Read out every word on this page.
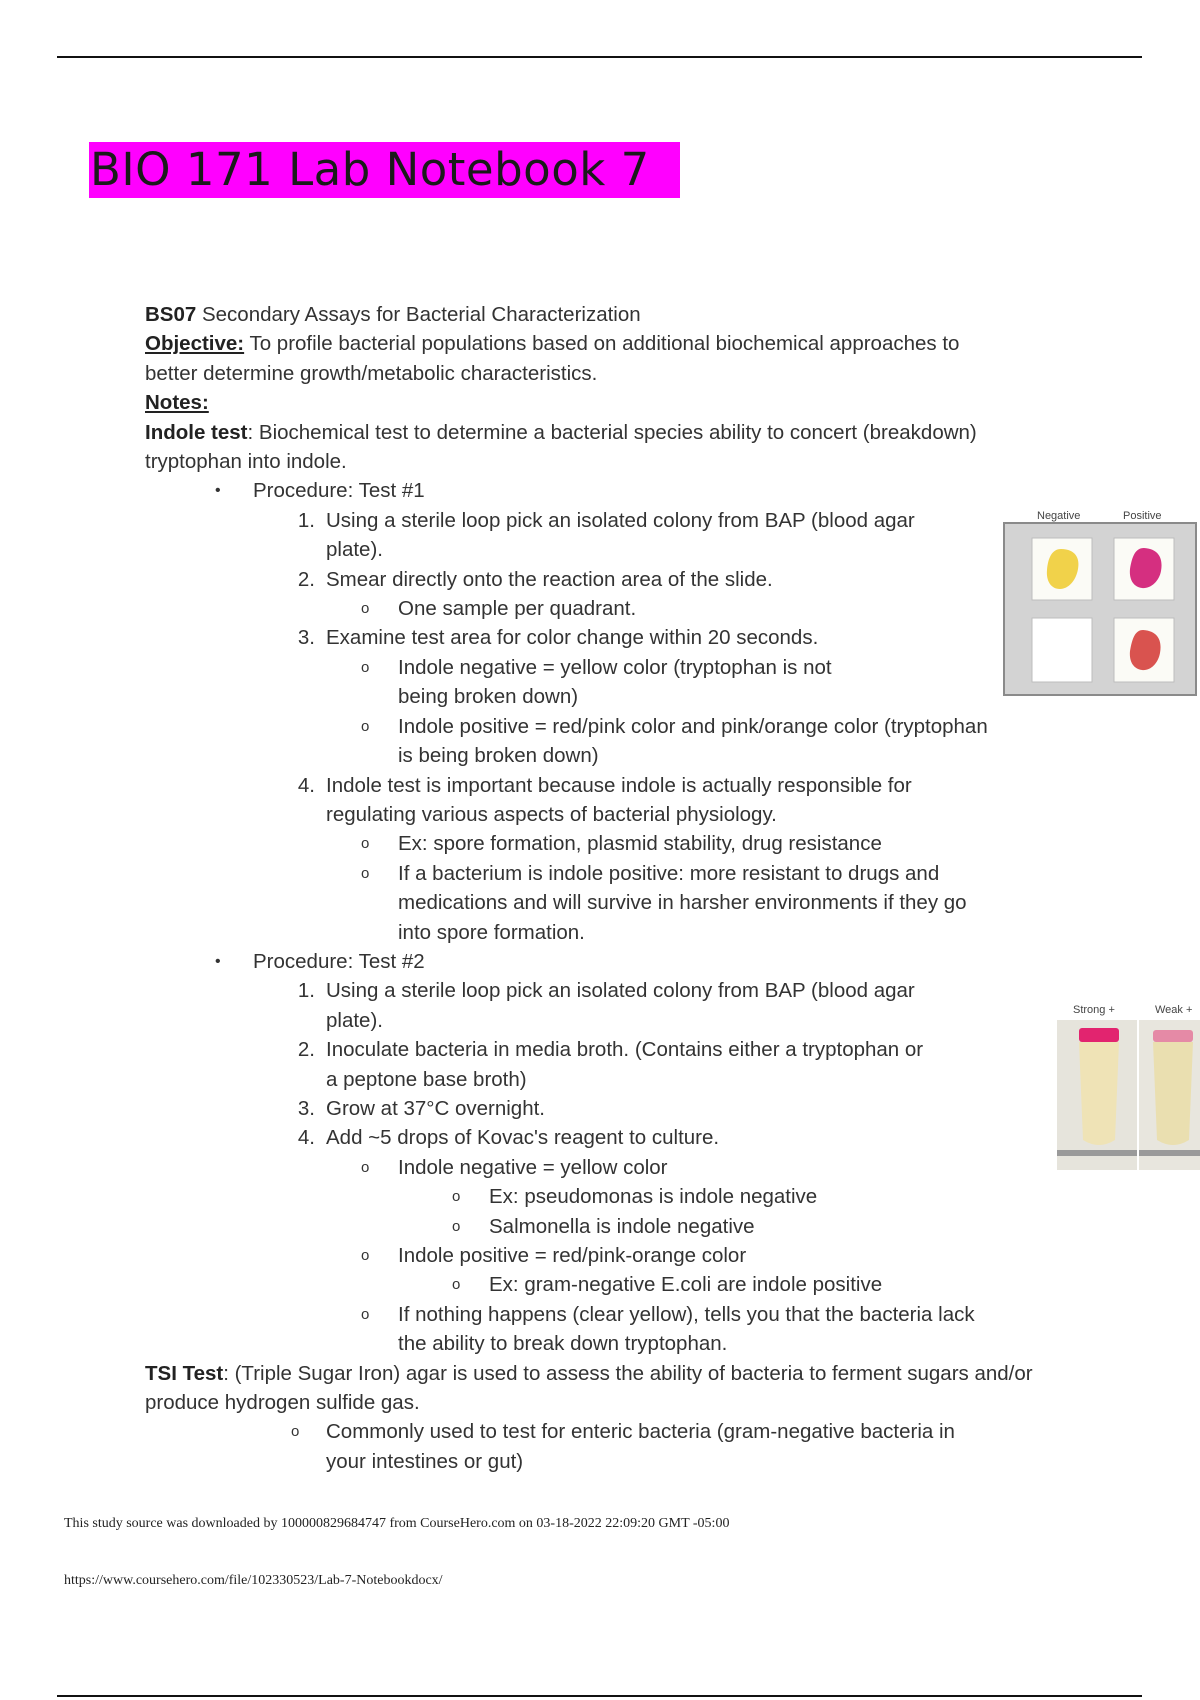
BIO 171 Lab Notebook 7
BS07 Secondary Assays for Bacterial Characterization
Objective: To profile bacterial populations based on additional biochemical approaches to
better determine growth/metabolic characteristics.
Notes:
Indole test: Biochemical test to determine a bacterial species ability to concert (breakdown)
tryptophan into indole.
•	Procedure: Test #1
1. Using a sterile loop pick an isolated colony from BAP (blood agar
plate).
2. Smear directly onto the reaction area of the slide.
o	One sample per quadrant.
3. Examine test area for color change within 20 seconds.
o	Indole negative = yellow color (tryptophan is not
being broken down)
o	Indole positive = red/pink color and pink/orange color (tryptophan
is being broken down)
4. Indole test is important because indole is actually responsible for
regulating various aspects of bacterial physiology.
o	Ex: spore formation, plasmid stability, drug resistance
o	If a bacterium is indole positive: more resistant to drugs and
medications and will survive in harsher environments if they go
into spore formation.
•	Procedure: Test #2
1. Using a sterile loop pick an isolated colony from BAP (blood agar
plate).
2. Inoculate bacteria in media broth. (Contains either a tryptophan or
a peptone base broth)
3. Grow at 37°C overnight.
4. Add ~5 drops of Kovac's reagent to culture.
o	Indole negative = yellow color
o	Ex: pseudomonas is indole negative
o	Salmonella is indole negative
o	Indole positive = red/pink-orange color
o	Ex: gram-negative E.coli are indole positive
o	If nothing happens (clear yellow), tells you that the bacteria lack
the ability to break down tryptophan.
TSI Test: (Triple Sugar Iron) agar is used to assess the ability of bacteria to ferment sugars and/or
produce hydrogen sulfide gas.
o	Commonly used to test for enteric bacteria (gram-negative bacteria in
your intestines or gut)
Negative	Positive
Strong +	Weak +
This study source was downloaded by 100000829684747 from CourseHero.com on 03-18-2022 22:09:20 GMT -05:00
https://www.coursehero.com/file/102330523/Lab-7-Notebookdocx/
